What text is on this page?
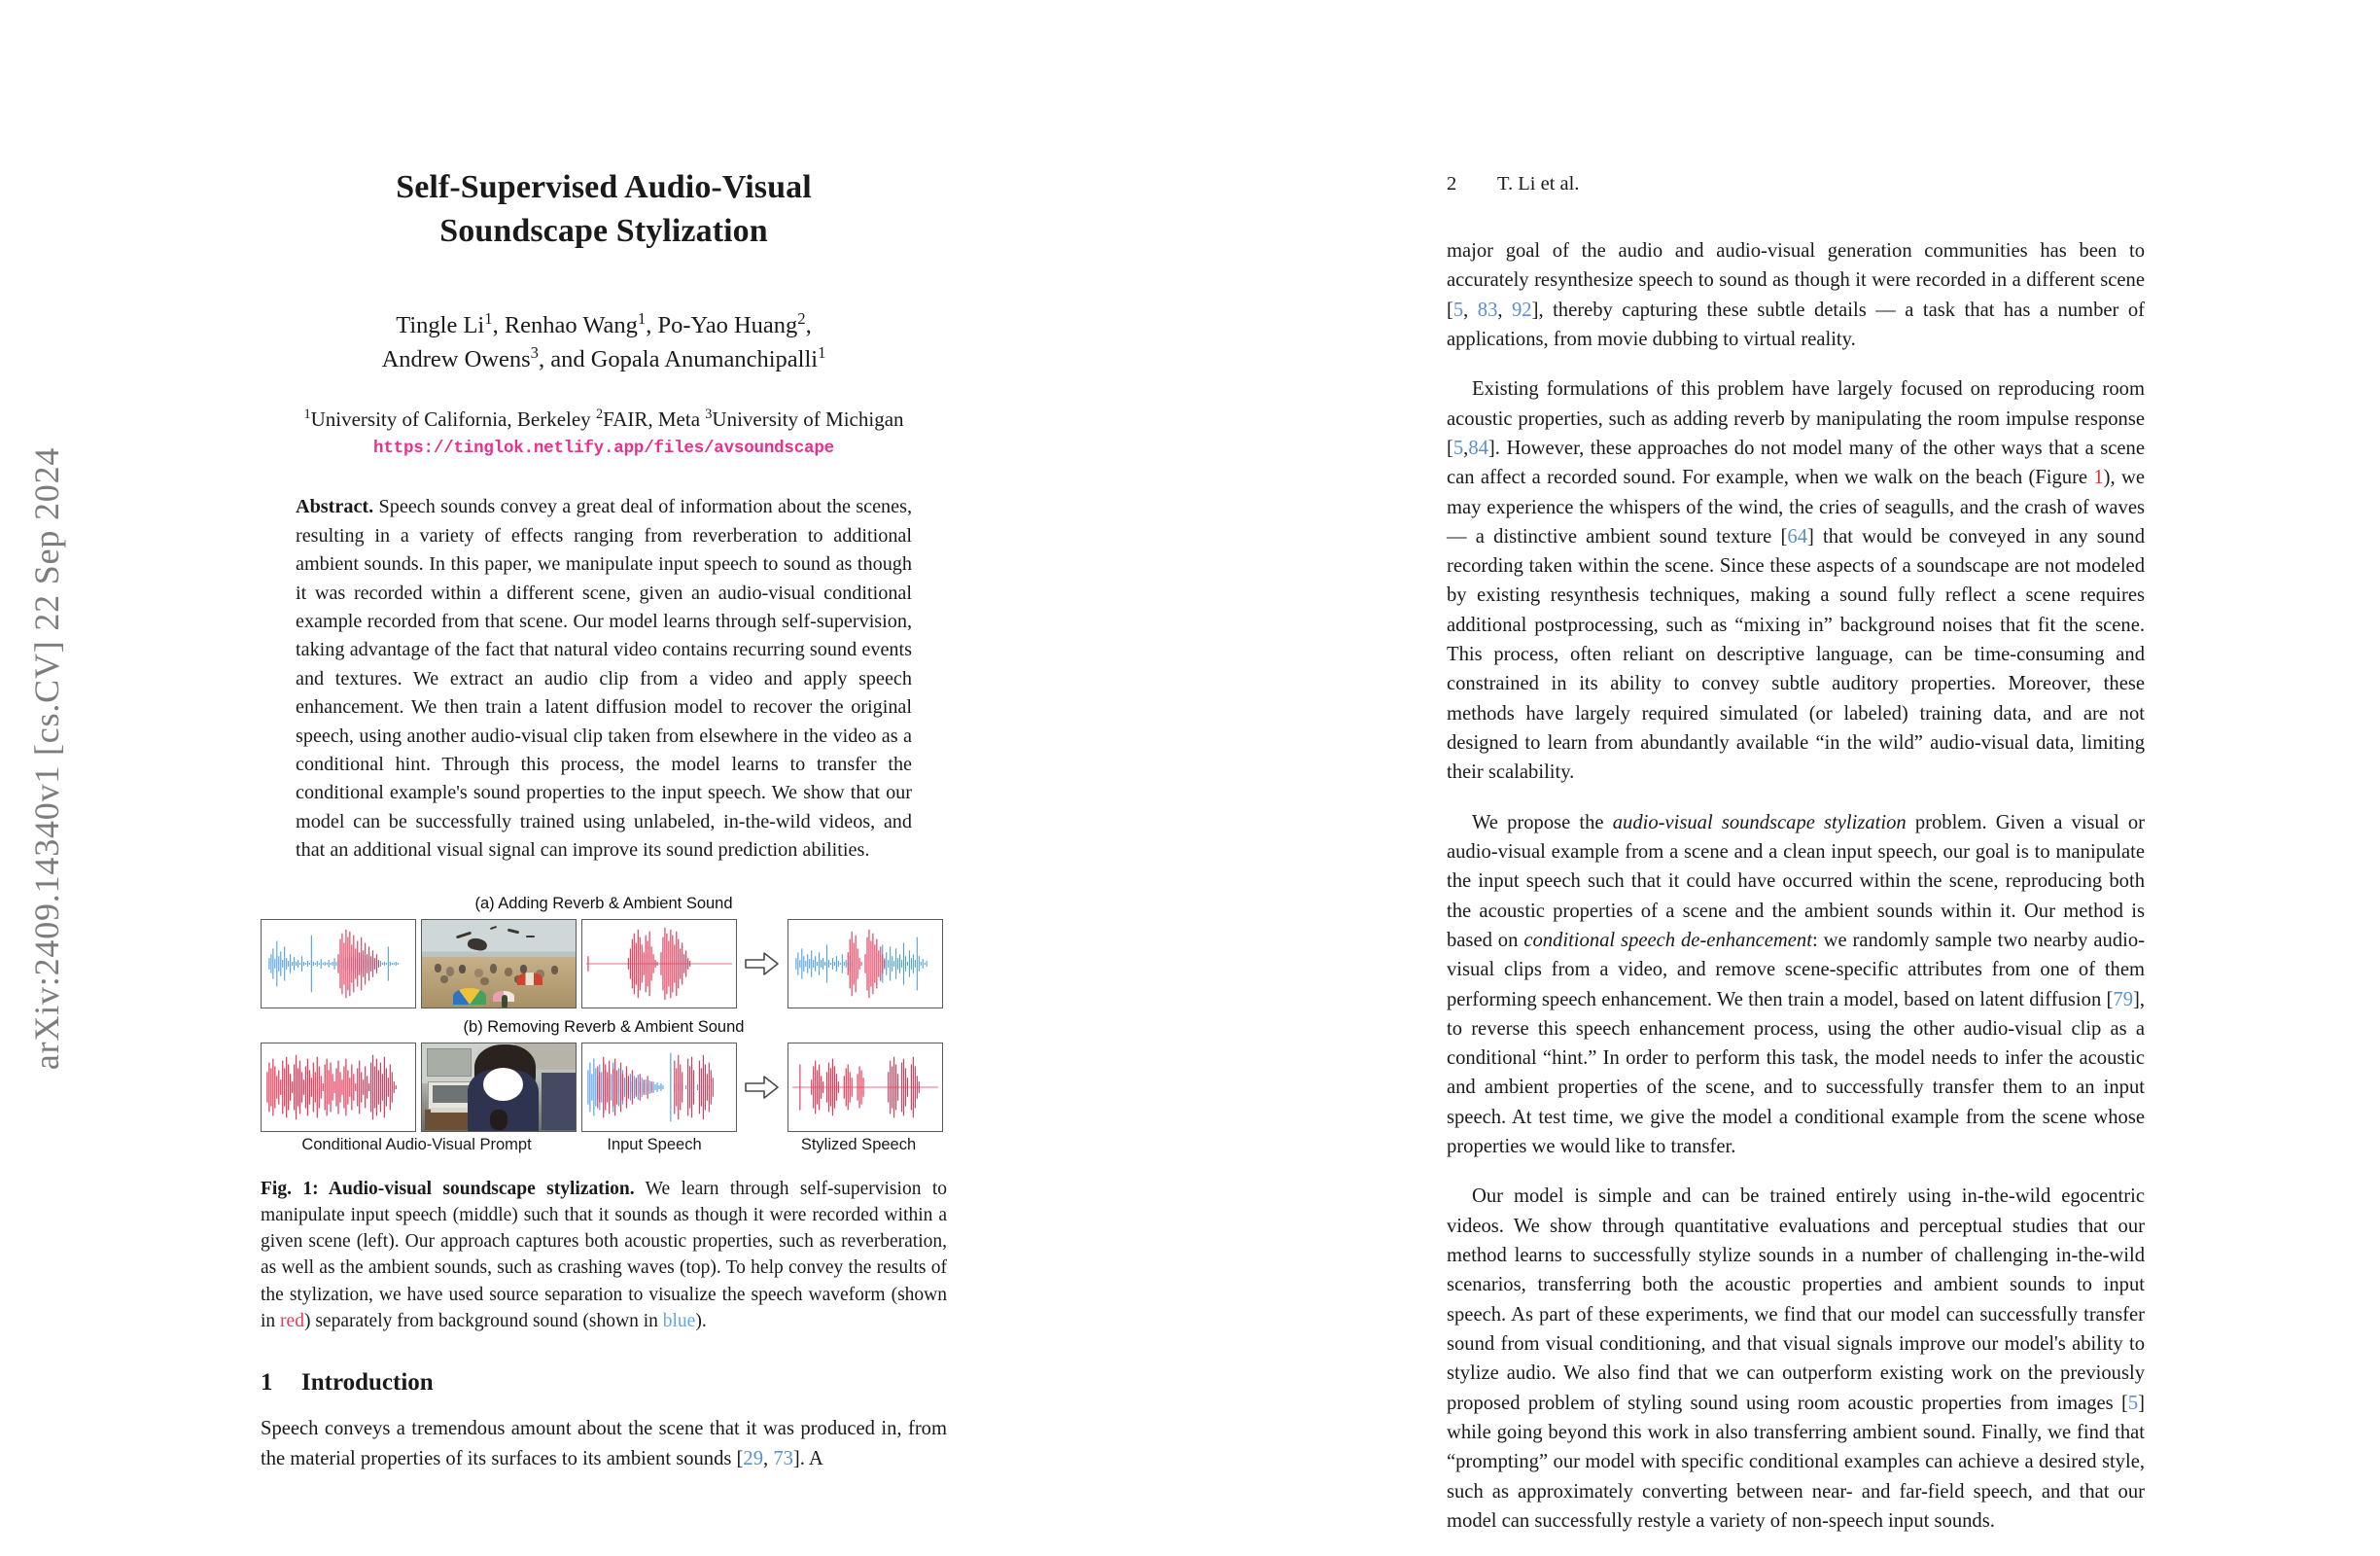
arXiv:2409.14340v1 [cs.CV] 22 Sep 2024
Self-Supervised Audio-Visual
Soundscape Stylization
Tingle Li$^1$, Renhao Wang$^1$, Po-Yao Huang$^2$,
Andrew Owens$^3$, and Gopala Anumanchipalli$^1$
$^1$University of California, Berkeley $^2$FAIR, Meta $^3$University of Michigan
https://tinglok.netlify.app/files/avsoundscape
Abstract. Speech sounds convey a great deal of information about the scenes, resulting in a variety of effects ranging from reverberation to additional ambient sounds. In this paper, we manipulate input speech to sound as though it was recorded within a different scene, given an audio-visual conditional example recorded from that scene. Our model learns through self-supervision, taking advantage of the fact that natural video contains recurring sound events and textures. We extract an audio clip from a video and apply speech enhancement. We then train a latent diffusion model to recover the original speech, using another audio-visual clip taken from elsewhere in the video as a conditional hint. Through this process, the model learns to transfer the conditional example's sound properties to the input speech. We show that our model can be successfully trained using unlabeled, in-the-wild videos, and that an additional visual signal can improve its sound prediction abilities.
(a) Adding Reverb & Ambient Sound
(b) Removing Reverb & Ambient Sound
Conditional Audio-Visual Prompt	Input Speech	Stylized Speech
Fig. 1: Audio-visual soundscape stylization. We learn through self-supervision to manipulate input speech (middle) such that it sounds as though it were recorded within a given scene (left). Our approach captures both acoustic properties, such as reverberation, as well as the ambient sounds, such as crashing waves (top). To help convey the results of the stylization, we have used source separation to visualize the speech waveform (shown in red) separately from background sound (shown in blue).
1 Introduction
Speech conveys a tremendous amount about the scene that it was produced in, from the material properties of its surfaces to its ambient sounds [29, 73]. A
2 T. Li et al.
major goal of the audio and audio-visual generation communities has been to accurately resynthesize speech to sound as though it were recorded in a different scene [5, 83, 92], thereby capturing these subtle details — a task that has a number of applications, from movie dubbing to virtual reality.
Existing formulations of this problem have largely focused on reproducing room acoustic properties, such as adding reverb by manipulating the room impulse response [5,84]. However, these approaches do not model many of the other ways that a scene can affect a recorded sound. For example, when we walk on the beach (Figure 1), we may experience the whispers of the wind, the cries of seagulls, and the crash of waves — a distinctive ambient sound texture [64] that would be conveyed in any sound recording taken within the scene. Since these aspects of a soundscape are not modeled by existing resynthesis techniques, making a sound fully reflect a scene requires additional postprocessing, such as “mixing in” background noises that fit the scene. This process, often reliant on descriptive language, can be time-consuming and constrained in its ability to convey subtle auditory properties. Moreover, these methods have largely required simulated (or labeled) training data, and are not designed to learn from abundantly available “in the wild” audio-visual data, limiting their scalability.
We propose the audio-visual soundscape stylization problem. Given a visual or audio-visual example from a scene and a clean input speech, our goal is to manipulate the input speech such that it could have occurred within the scene, reproducing both the acoustic properties of a scene and the ambient sounds within it. Our method is based on conditional speech de-enhancement: we randomly sample two nearby audio-visual clips from a video, and remove scene-specific attributes from one of them performing speech enhancement. We then train a model, based on latent diffusion [79], to reverse this speech enhancement process, using the other audio-visual clip as a conditional “hint.” In order to perform this task, the model needs to infer the acoustic and ambient properties of the scene, and to successfully transfer them to an input speech. At test time, we give the model a conditional example from the scene whose properties we would like to transfer.
Our model is simple and can be trained entirely using in-the-wild egocentric videos. We show through quantitative evaluations and perceptual studies that our method learns to successfully stylize sounds in a number of challenging in-the-wild scenarios, transferring both the acoustic properties and ambient sounds to input speech. As part of these experiments, we find that our model can successfully transfer sound from visual conditioning, and that visual signals improve our model's ability to stylize audio. We also find that we can outperform existing work on the previously proposed problem of styling sound using room acoustic properties from images [5] while going beyond this work in also transferring ambient sound. Finally, we find that “prompting” our model with specific conditional examples can achieve a desired style, such as approximately converting between near- and far-field speech, and that our model can successfully restyle a variety of non-speech input sounds.
